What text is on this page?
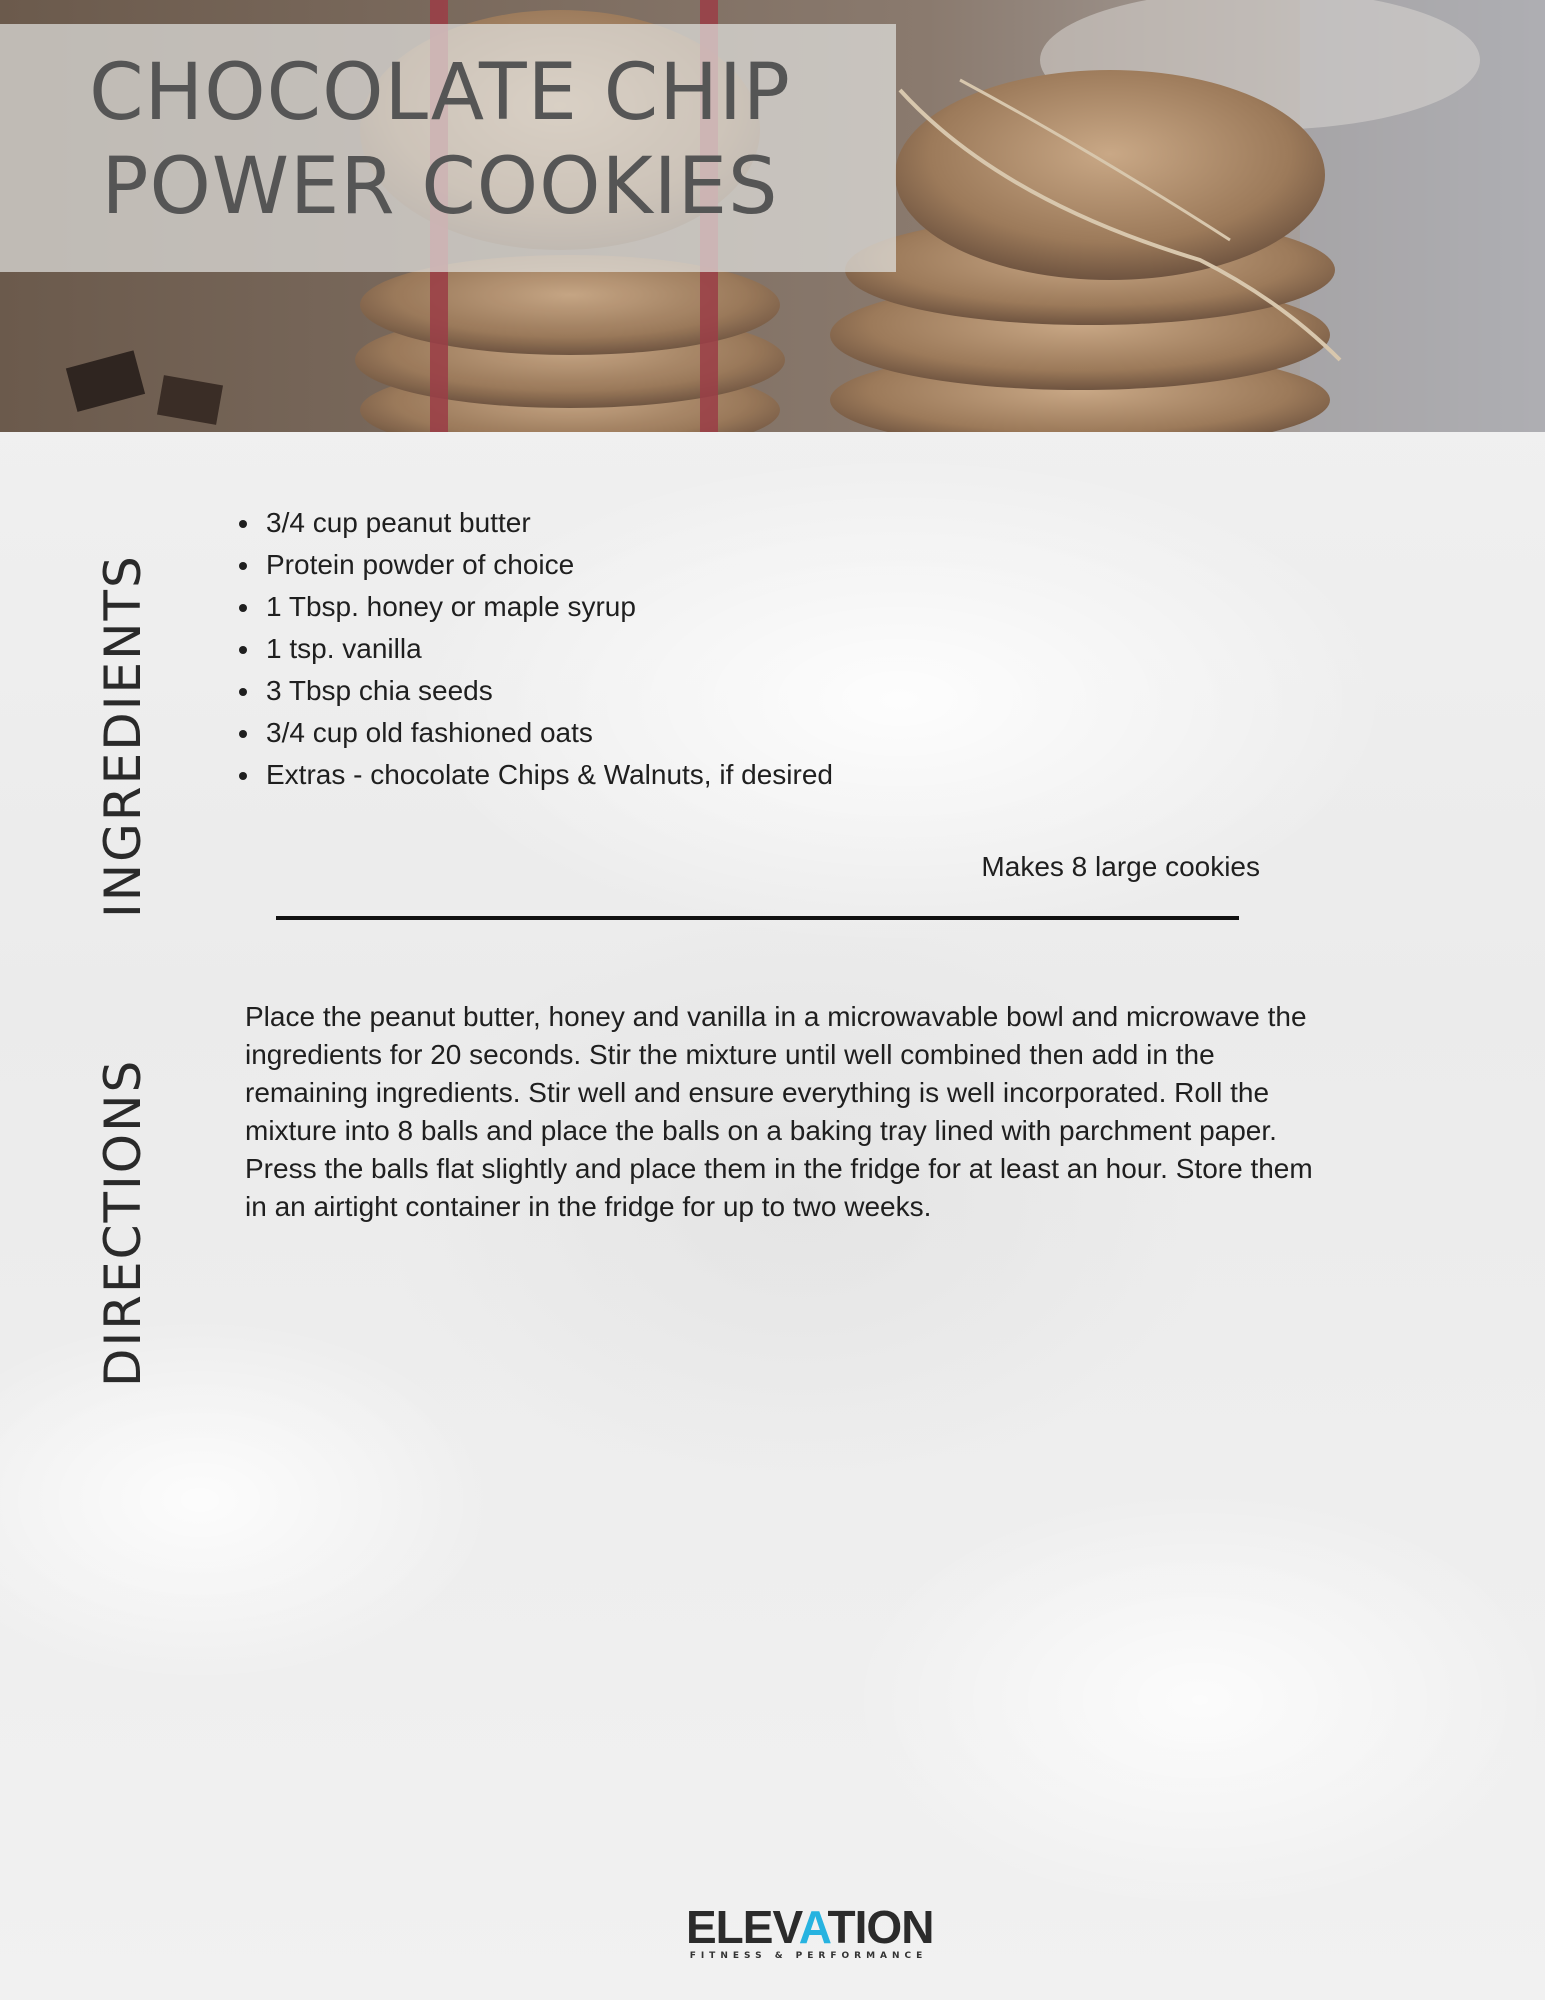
CHOCOLATE CHIP
POWER COOKIES
INGREDIENTS
DIRECTIONS
• 3/4 cup peanut butter
• Protein powder of choice
• 1 Tbsp. honey or maple syrup
• 1 tsp. vanilla
• 3 Tbsp chia seeds
• 3/4 cup old fashioned oats
• Extras - chocolate Chips & Walnuts, if desired
Makes 8 large cookies

Place the peanut butter, honey and vanilla in a microwavable bowl and microwave the ingredients for 20 seconds. Stir the mixture until well combined then add in the remaining ingredients. Stir well and ensure everything is well incorporated. Roll the mixture into 8 balls and place the balls on a baking tray lined with parchment paper. Press the balls flat slightly and place them in the fridge for at least an hour. Store them in an airtight container in the fridge for up to two weeks.

ELEVATION
FITNESS & PERFORMANCE
